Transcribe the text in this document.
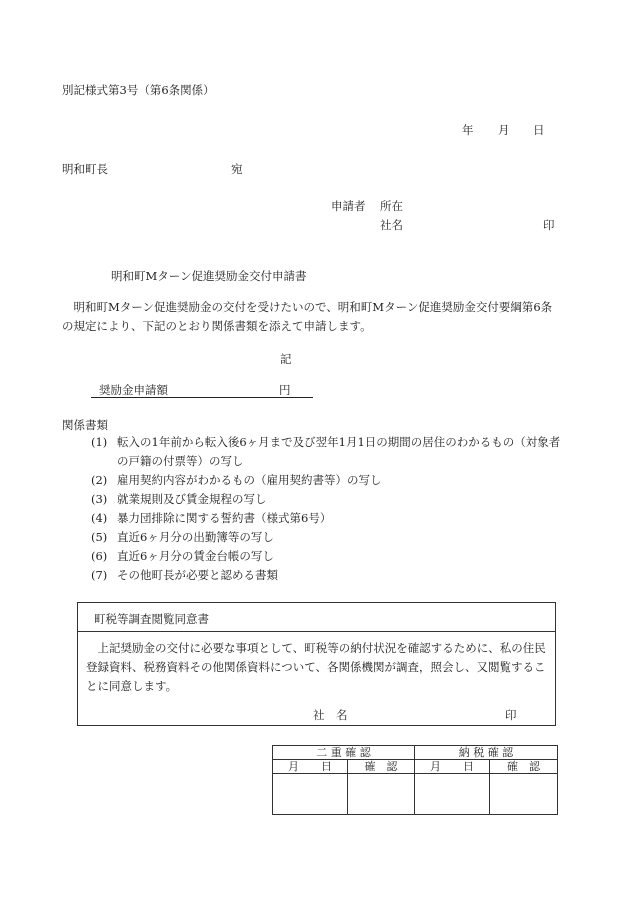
別記様式第3号（第6条関係）
年 月 日
明和町長	宛
申請者 所在
社名	印
明和町Mターン促進奨励金交付申請書
明和町Mターン促進奨励金の交付を受けたいので、明和町Mターン促進奨励金交付要綱第6条の規定により、下記のとおり関係書類を添えて申請します。
記
奨励金申請額	円
関係書類
(1) 転入の1年前から転入後6ヶ月まで及び翌年1月1日の期間の居住のわかるもの（対象者の戸籍の付票等）の写し
(2) 雇用契約内容がわかるもの（雇用契約書等）の写し
(3) 就業規則及び賃金規程の写し
(4) 暴力団排除に関する誓約書（様式第6号）
(5) 直近6ヶ月分の出勤簿等の写し
(6) 直近6ヶ月分の賃金台帳の写し
(7) その他町長が必要と認める書類
町税等調査閲覧同意書
上記奨励金の交付に必要な事項として、町税等の納付状況を確認するために、私の住民登録資料、税務資料その他関係資料について、各関係機関が調査，照会し、又閲覧することに同意します。
社　名	印
二 重 確 認		納 税 確 認	
月　　日	確　認	月　　日	確　認
